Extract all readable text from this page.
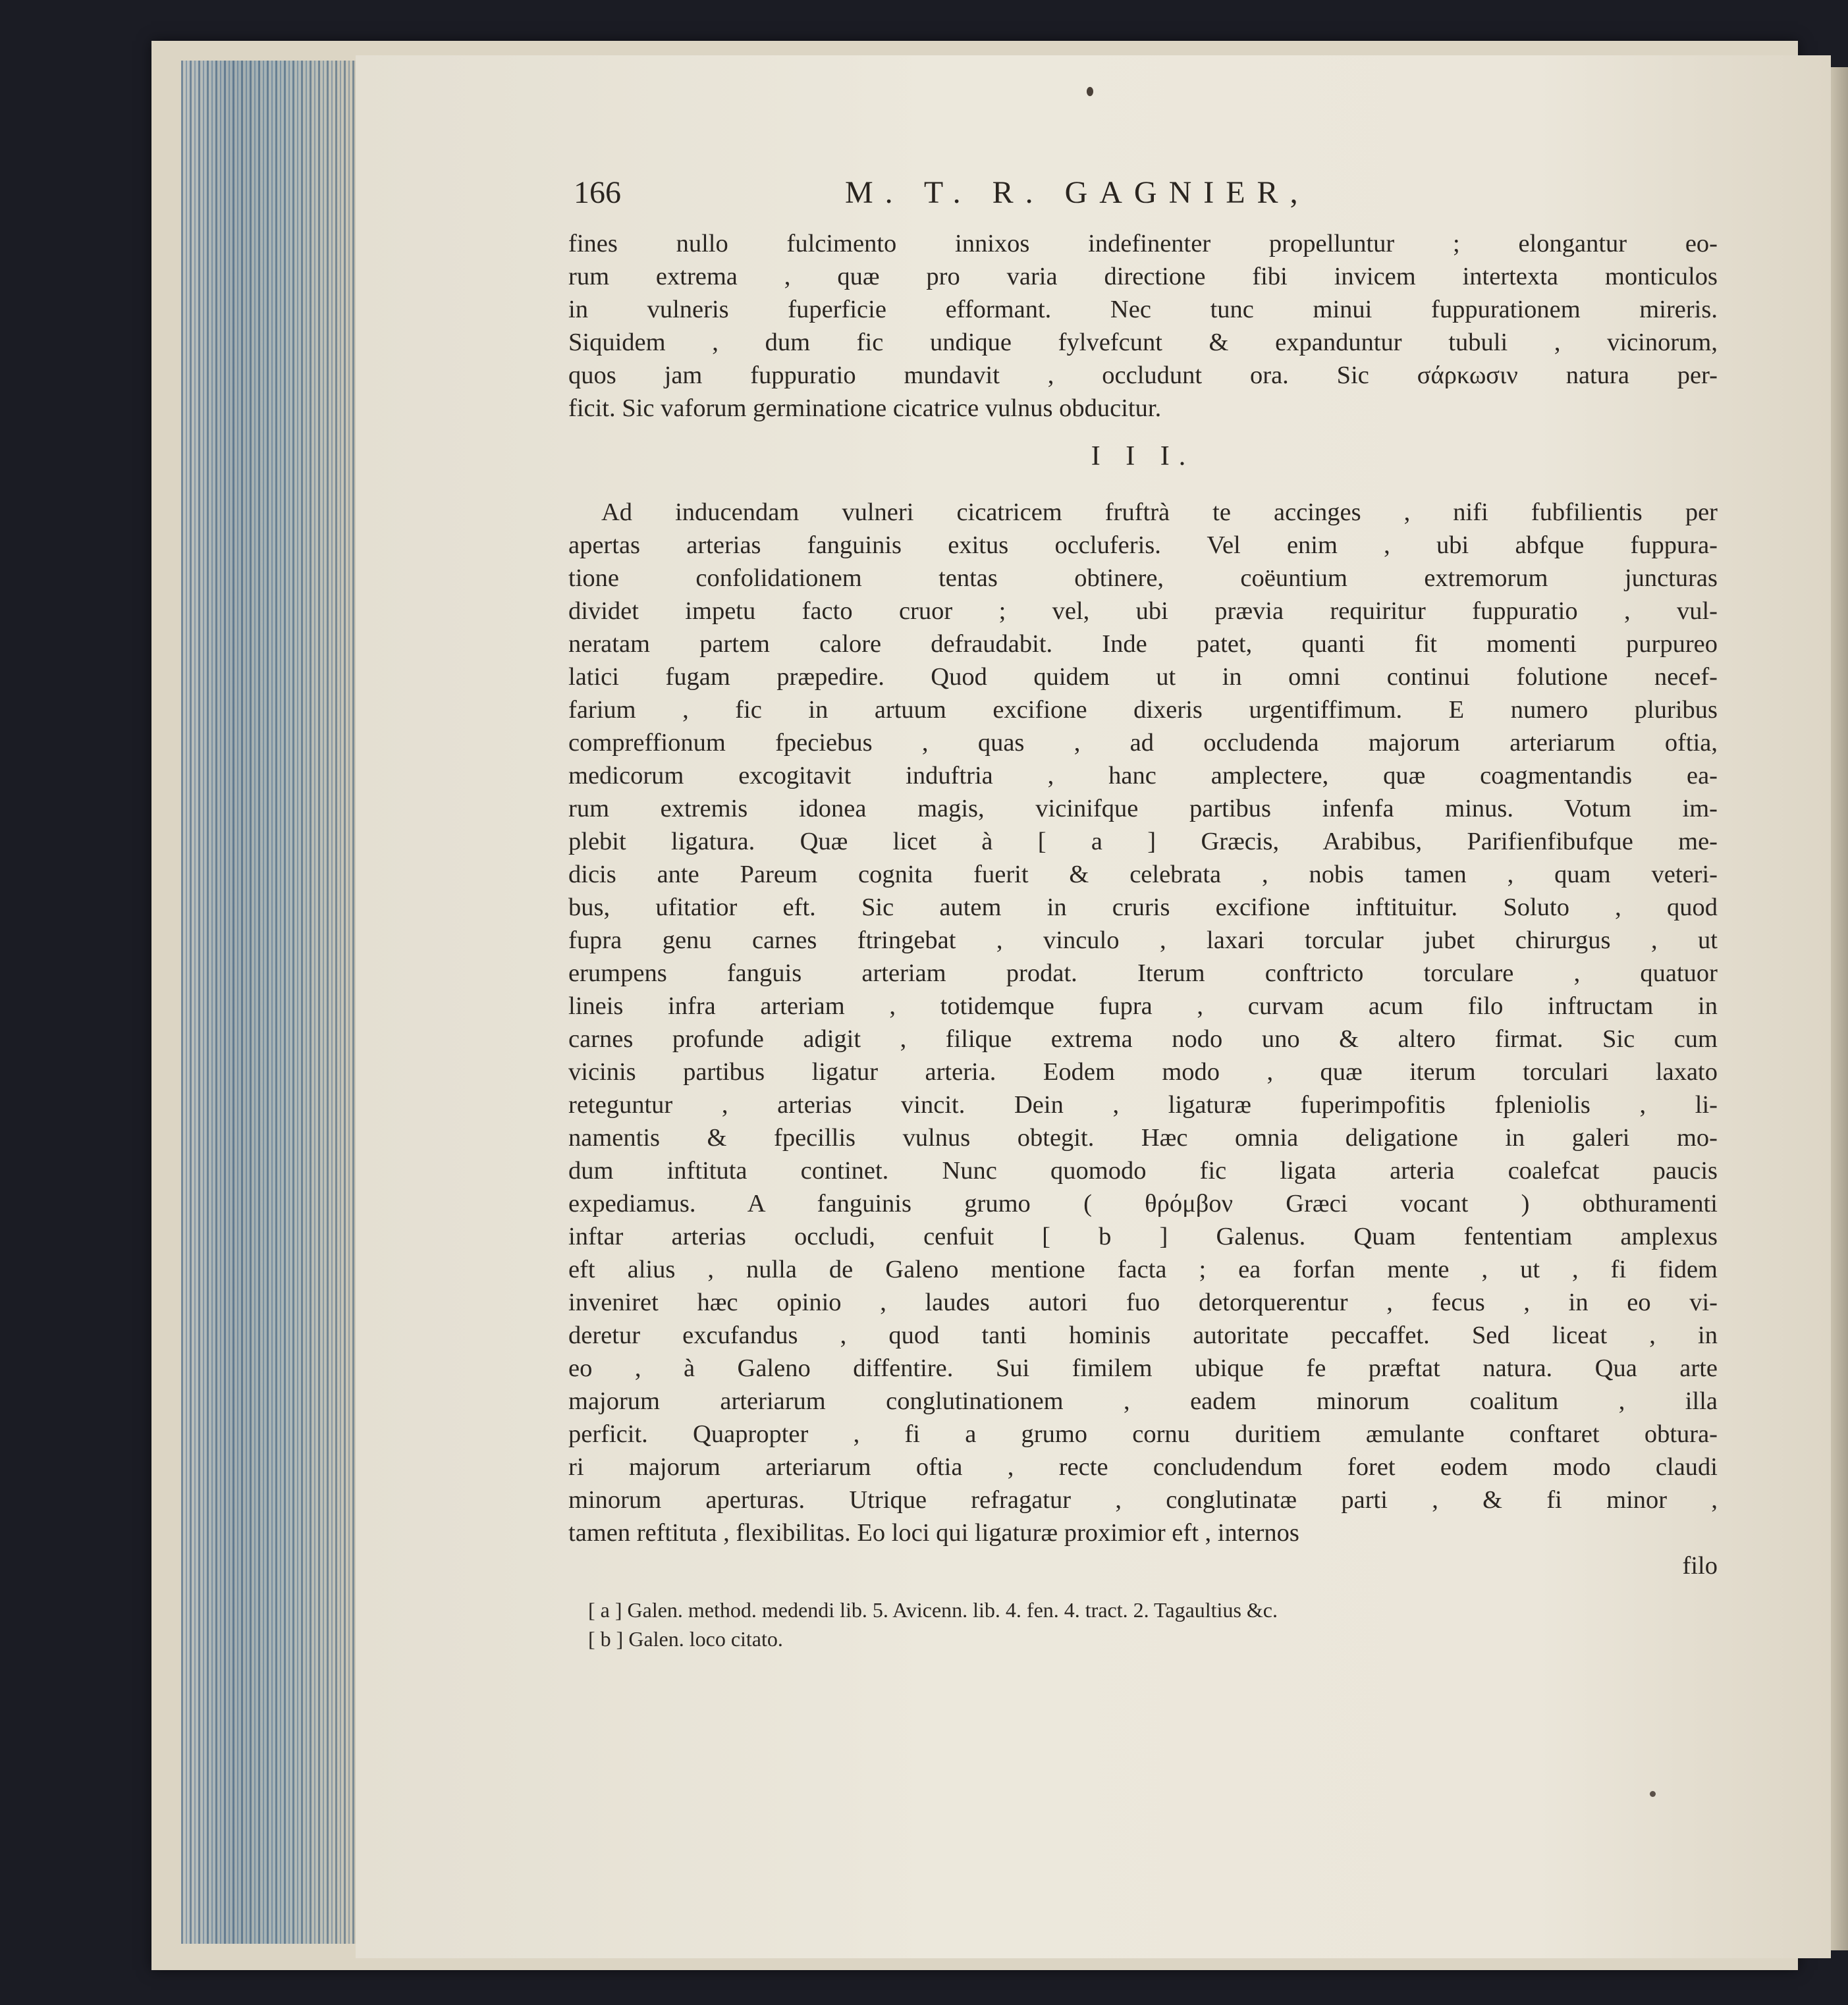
166	M. T. R. GAGNIER,
fines nullo fulcimento innixos indefinenter propelluntur ; elongantur eo-
rum extrema , quæ pro varia directione fibi invicem intertexta monticulos
in vulneris fuperficie efformant. Nec tunc minui fuppurationem mireris.
Siquidem , dum fic undique fylvefcunt & expanduntur tubuli , vicinorum,
quos jam fuppuratio mundavit , occludunt ora. Sic σάρκωσιν natura per-
ficit. Sic vaforum germinatione cicatrice vulnus obducitur.
I I I.
Ad inducendam vulneri cicatricem fruftrà te accinges , nifi fubfilientis per
apertas arterias fanguinis exitus occluferis. Vel enim , ubi abfque fuppura-
tione confolidationem tentas obtinere, coëuntium extremorum juncturas
dividet impetu facto cruor ; vel, ubi prævia requiritur fuppuratio , vul-
neratam partem calore defraudabit. Inde patet, quanti fit momenti purpureo
latici fugam præpedire. Quod quidem ut in omni continui folutione necef-
farium , fic in artuum excifione dixeris urgentiffimum. E numero pluribus
compreffionum fpeciebus , quas , ad occludenda majorum arteriarum oftia,
medicorum excogitavit induftria , hanc amplectere, quæ coagmentandis ea-
rum extremis idonea magis, vicinifque partibus infenfa minus. Votum im-
plebit ligatura. Quæ licet à [ a ] Græcis, Arabibus, Parifienfibufque me-
dicis ante Pareum cognita fuerit & celebrata , nobis tamen , quam veteri-
bus, ufitatior eft. Sic autem in cruris excifione inftituitur. Soluto , quod
fupra genu carnes ftringebat , vinculo , laxari torcular jubet chirurgus , ut
erumpens fanguis arteriam prodat. Iterum conftricto torculare , quatuor
lineis infra arteriam , totidemque fupra , curvam acum filo inftructam in
carnes profunde adigit , filique extrema nodo uno & altero firmat. Sic cum
vicinis partibus ligatur arteria. Eodem modo , quæ iterum torculari laxato
reteguntur , arterias vincit. Dein , ligaturæ fuperimpofitis fpleniolis , li-
namentis & fpecillis vulnus obtegit. Hæc omnia deligatione in galeri mo-
dum inftituta continet. Nunc quomodo fic ligata arteria coalefcat paucis
expediamus. A fanguinis grumo ( θρόμβον Græci vocant ) obthuramenti
inftar arterias occludi, cenfuit [ b ] Galenus. Quam fententiam amplexus
eft alius , nulla de Galeno mentione facta ; ea forfan mente , ut , fi fidem
inveniret hæc opinio , laudes autori fuo detorquerentur , fecus , in eo vi-
deretur excufandus , quod tanti hominis autoritate peccaffet. Sed liceat , in
eo , à Galeno diffentire. Sui fimilem ubique fe præftat natura. Qua arte
majorum arteriarum conglutinationem , eadem minorum coalitum , illa
perficit. Quapropter , fi a grumo cornu duritiem æmulante conftaret obtura-
ri majorum arteriarum oftia , recte concludendum foret eodem modo claudi
minorum aperturas. Utrique refragatur , conglutinatæ parti , & fi minor ,
tamen reftituta , flexibilitas. Eo loci qui ligaturæ proximior eft , internos
filo
[ a ] Galen. method. medendi lib. 5. Avicenn. lib. 4. fen. 4. tract. 2. Tagaultius &c.
[ b ] Galen. loco citato.
